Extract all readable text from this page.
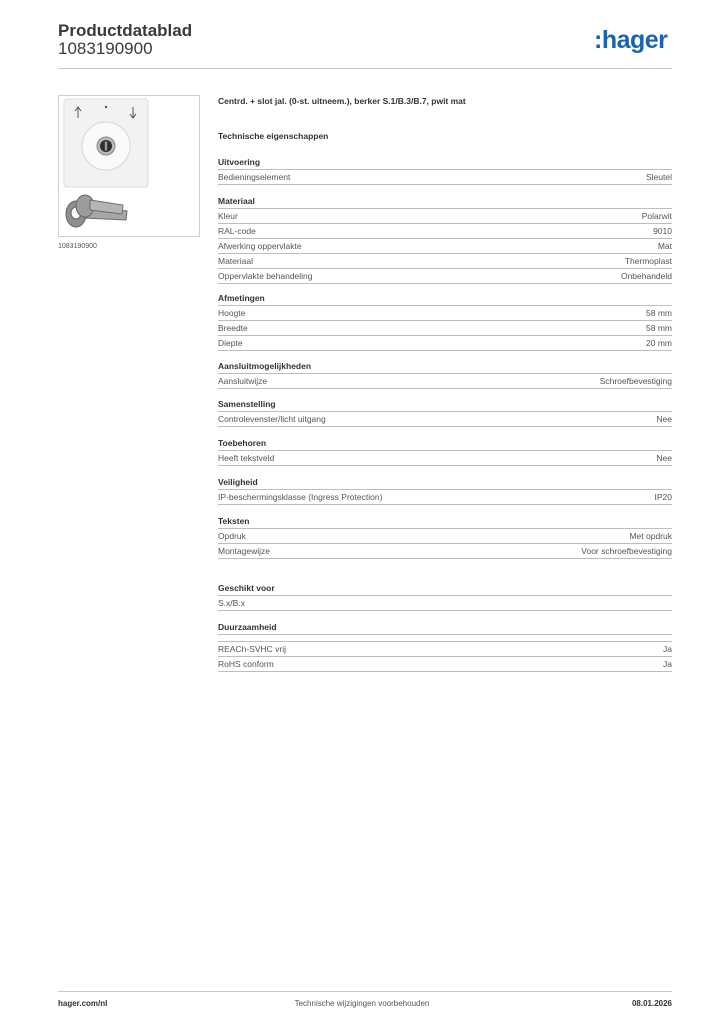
Productdatablad
1083190900	:hager
1083190900
Centrd. + slot jal. (0-st. uitneem.), berker S.1/B.3/B.7, pwit mat
Technische eigenschappen
Uitvoering
Bedieningselement	Sleutel
Materiaal
Kleur	Polarwit
RAL-code	9010
Afwerking oppervlakte	Mat
Materiaal	Thermoplast
Oppervlakte behandeling	Onbehandeld
Afmetingen
Hoogte	58 mm
Breedte	58 mm
Diepte	20 mm
Aansluitmogelijkheden
Aansluitwijze	Schroefbevestiging
Samenstelling
Controlevenster/licht uitgang	Nee
Toebehoren
Heeft tekstveld	Nee
Veiligheid
IP-beschermingsklasse (Ingress Protection)	IP20
Teksten
Opdruk	Met opdruk
Montagewijze	Voor schroefbevestiging
Geschikt voor
S.x/B.x
Duurzaamheid
REACh-SVHC vrij	Ja
RoHS conform	Ja
hager.com/nl	Technische wijzigingen voorbehouden	08.01.2026
